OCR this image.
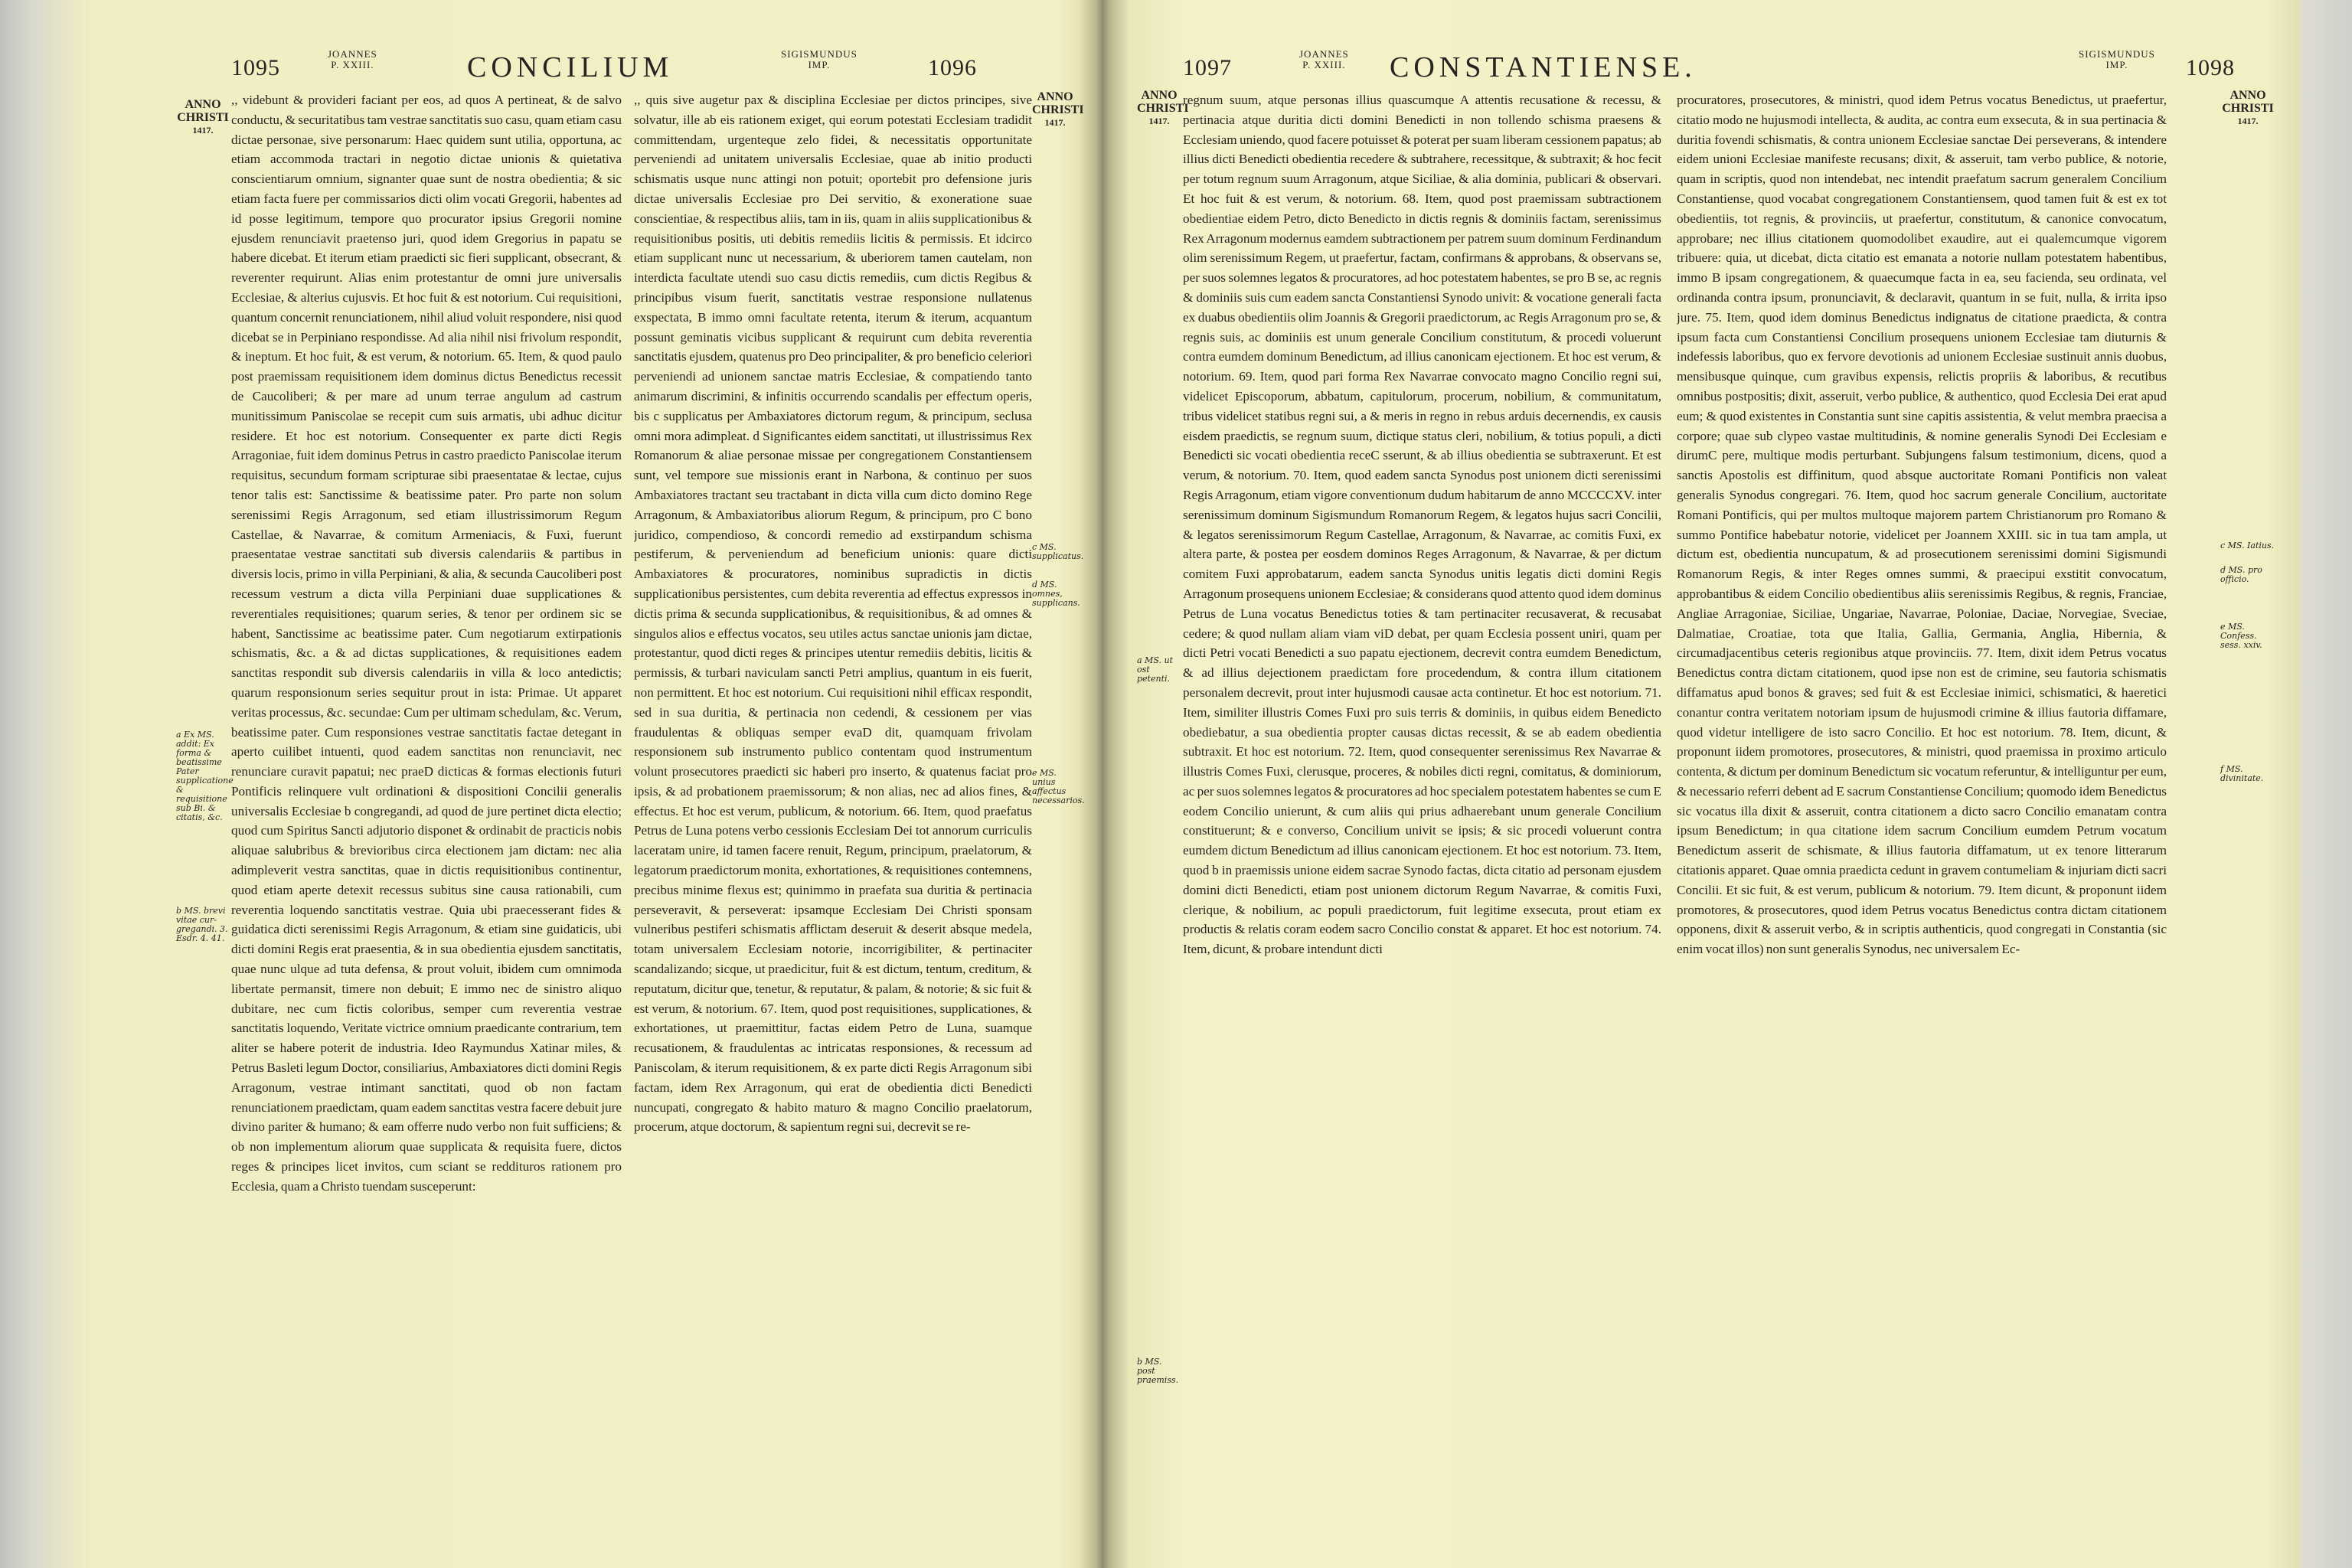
1095
JOANNES
P. XXIII.	CONCILIUM	SIGISMUNDUS
IMP.	1096
ANNO
CHRISTI
1417.
a Ex MS. addit: Ex forma & beatissime Pater supplicatione & requisitione sub Bi. & citatis, &c.
b MS. brevi vitae cur- gregandi. 3. Esdr. 4. 41.

,, videbunt & provideri faciant per eos, ad quos A pertineat, & de salvo conductu, & securitatibus tam vestrae sanctitatis suo casu, quam etiam casu dictae personae, sive personarum: Haec quidem sunt utilia, opportuna, ac etiam accommoda tractari in negotio dictae unionis & quietativa conscientiarum omnium, signanter quae sunt de nostra obedientia; & sic etiam facta fuere per commissarios dicti olim vocati Gregorii, habentes ad id posse legitimum, tempore quo procurator ipsius Gregorii nomine ejusdem renunciavit praetenso juri, quod idem Gregorius in papatu se habere dicebat. Et iterum etiam praedicti sic fieri supplicant, obsecrant, & reverenter requirunt. Alias enim protestantur de omni jure universalis Ecclesiae, & alterius cujusvis. Et hoc fuit & est notorium. Cui requisitioni, quantum concernit renunciationem, nihil aliud voluit respondere, nisi quod dicebat se in Perpiniano respondisse. Ad alia nihil nisi frivolum respondit, & ineptum. Et hoc fuit, & est verum, & notorium. 65. Item, & quod paulo post praemissam requisitionem idem dominus dictus Benedictus recessit de Caucoliberi; & per mare ad unum terrae angulum ad castrum munitissimum Paniscolae se recepit cum suis armatis, ubi adhuc dicitur residere. Et hoc est notorium. Consequenter ex parte dicti Regis Arragoniae, fuit idem dominus Petrus in castro praedicto Paniscolae iterum requisitus, secundum formam scripturae sibi praesentatae & lectae, cujus tenor talis est: Sanctissime & beatissime pater. Pro parte non solum serenissimi Regis Arragonum, sed etiam illustrissimorum Regum Castellae, & Navarrae, & comitum Armeniacis, & Fuxi, fuerunt praesentatae vestrae sanctitati sub diversis calendariis & partibus in diversis locis, primo in villa Perpiniani, & alia, & secunda Caucoliberi post recessum vestrum a dicta villa Perpiniani duae supplicationes & reverentiales requisitiones; quarum series, & tenor per ordinem sic se habent, Sanctissime ac beatissime pater. Cum negotiarum extirpationis schismatis, &c. a & ad dictas supplicationes, & requisitiones eadem sanctitas respondit sub diversis calendariis in villa & loco antedictis; quarum responsionum series sequitur prout in ista: Primae. Ut apparet veritas processus, &c. secundae: Cum per ultimam schedulam, &c. Verum, beatissime pater. Cum responsiones vestrae sanctitatis factae detegant in aperto cuilibet intuenti, quod eadem sanctitas non renunciavit, nec renunciare curavit papatui; nec praeD dicticas & formas electionis futuri Pontificis relinquere vult ordinationi & dispositioni Concilii generalis universalis Ecclesiae b congregandi, ad quod de jure pertinet dicta electio; quod cum Spiritus Sancti adjutorio disponet & ordinabit de practicis nobis aliquae salubribus & brevioribus circa electionem jam dictam: nec alia adimpleverit vestra sanctitas, quae in dictis requisitionibus continentur, quod etiam aperte detexit recessus subitus sine causa rationabili, cum reverentia loquendo sanctitatis vestrae. Quia ubi praecesserant fides & guidatica dicti serenissimi Regis Arragonum, & etiam sine guidaticis, ubi dicti domini Regis erat praesentia, & in sua obedientia ejusdem sanctitatis, quae nunc ulque ad tuta defensa, & prout voluit, ibidem cum omnimoda libertate permansit, timere non debuit; E immo nec de sinistro aliquo dubitare, nec cum fictis coloribus, semper cum reverentia vestrae sanctitatis loquendo, Veritate victrice omnium praedicante contrarium, tem aliter se habere poterit de industria. Ideo Raymundus Xatinar miles, & Petrus Basleti legum Doctor, consiliarius, Ambaxiatores dicti domini Regis Arragonum, vestrae intimant sanctitati, quod ob non factam renunciationem praedictam, quam eadem sanctitas vestra facere debuit jure divino pariter & humano; & eam offerre nudo verbo non fuit sufficiens; & ob non implementum aliorum quae supplicata & requisita fuere, dictos reges & principes licet invitos, cum sciant se reddituros rationem pro Ecclesia, quam a Christo tuendam susceperunt:

,, quis sive augetur pax & disciplina Ecclesiae per dictos principes, sive solvatur, ille ab eis rationem exiget, qui eorum potestati Ecclesiam tradidit committendam, urgenteque zelo fidei, & necessitatis opportunitate perveniendi ad unitatem universalis Ecclesiae, quae ab initio producti schismatis usque nunc attingi non potuit; oportebit pro defensione juris dictae universalis Ecclesiae pro Dei servitio, & exoneratione suae conscientiae, & respectibus aliis, tam in iis, quam in aliis supplicationibus & requisitionibus positis, uti debitis remediis licitis & permissis. Et idcirco etiam supplicant nunc ut necessarium, & uberiorem tamen cautelam, non interdicta facultate utendi suo casu dictis remediis, cum dictis Regibus & principibus visum fuerit, sanctitatis vestrae responsione nullatenus exspectata, B immo omni facultate retenta, iterum & iterum, acquantum possunt geminatis vicibus supplicant & requirunt cum debita reverentia sanctitatis ejusdem, quatenus pro Deo principaliter, & pro beneficio celeriori perveniendi ad unionem sanctae matris Ecclesiae, & compatiendo tanto animarum discrimini, & infinitis occurrendo scandalis per effectum operis, bis c supplicatus per Ambaxiatores dictorum regum, & principum, seclusa omni mora adimpleat. d Significantes eidem sanctitati, ut illustrissimus Rex Romanorum & aliae personae missae per congregationem Constantiensem sunt, vel tempore sue missionis erant in Narbona, & continuo per suos Ambaxiatores tractant seu tractabant in dicta villa cum dicto domino Rege Arragonum, & Ambaxiatoribus aliorum Regum, & principum, pro C bono juridico, compendioso, & concordi remedio ad exstirpandum schisma pestiferum, & perveniendum ad beneficium unionis: quare dicti Ambaxiatores & procuratores, nominibus supradictis in dictis supplicationibus persistentes, cum debita reverentia ad effectus expressos in dictis prima & secunda supplicationibus, & requisitionibus, & ad omnes & singulos alios e effectus vocatos, seu utiles actus sanctae unionis jam dictae, protestantur, quod dicti reges & principes utentur remediis debitis, licitis & permissis, & turbari naviculam sancti Petri amplius, quantum in eis fuerit, non permittent. Et hoc est notorium. Cui requisitioni nihil efficax respondit, sed in sua duritia, & pertinacia non cedendi, & cessionem per vias fraudulentas & obliquas semper evaD dit, quamquam frivolam responsionem sub instrumento publico contentam quod instrumentum volunt prosecutores praedicti sic haberi pro inserto, & quatenus faciat pro ipsis, & ad probationem praemissorum; & non alias, nec ad alios fines, & effectus. Et hoc est verum, publicum, & notorium. 66. Item, quod praefatus Petrus de Luna potens verbo cessionis Ecclesiam Dei tot annorum curriculis laceratam unire, id tamen facere renuit, Regum, principum, praelatorum, & legatorum praedictorum monita, exhortationes, & requisitiones contemnens, precibus minime flexus est; quinimmo in praefata sua duritia & pertinacia perseveravit, & perseverat: ipsamque Ecclesiam Dei Christi sponsam vulneribus pestiferi schismatis afflictam deseruit & deserit absque medela, totam universalem Ecclesiam notorie, incorrigibiliter, & pertinaciter scandalizando; sicque, ut praedicitur, fuit & est dictum, tentum, creditum, & reputatum, dicitur que, tenetur, & reputatur, & palam, & notorie; & sic fuit & est verum, & notorium. 67. Item, quod post requisitiones, supplicationes, & exhortationes, ut praemittitur, factas eidem Petro de Luna, suamque recusationem, & fraudulentas ac intricatas responsiones, & recessum ad Paniscolam, & iterum requisitionem, & ex parte dicti Regis Arragonum sibi factam, idem Rex Arragonum, qui erat de obedientia dicti Benedicti nuncupati, congregato & habito maturo & magno Concilio praelatorum, procerum, atque doctorum, & sapientum regni sui, decrevit se re-

ANNO
CHRISTI
1417.
c MS. supplicatus.
d MS. omnes, supplicans.
e MS. unius affectus necessarios.
1097
JOANNES
P. XXIII. CONSTANTIENSE.	SIGISMUNDUS
IMP.	1098
ANNO
CHRISTI
1417.
a MS. ut ost petenti.
b MS. post praemiss.

regnum suum, atque personas illius quascumque A attentis recusatione & recessu, & pertinacia atque duritia dicti domini Benedicti in non tollendo schisma praesens & Ecclesiam uniendo, quod facere potuisset & poterat per suam liberam cessionem papatus; ab illius dicti Benedicti obedientia recedere & subtrahere, recessitque, & subtraxit; & hoc fecit per totum regnum suum Arragonum, atque Siciliae, & alia dominia, publicari & observari. Et hoc fuit & est verum, & notorium. 68. Item, quod post praemissam subtractionem obedientiae eidem Petro, dicto Benedicto in dictis regnis & dominiis factam, serenissimus Rex Arragonum modernus eamdem subtractionem per patrem suum dominum Ferdinandum olim serenissimum Regem, ut praefertur, factam, confirmans & approbans, & observans se, per suos solemnes legatos & procuratores, ad hoc potestatem habentes, se pro B se, ac regnis & dominiis suis cum eadem sancta Constantiensi Synodo univit: & vocatione generali facta ex duabus obedientiis olim Joannis & Gregorii praedictorum, ac Regis Arragonum pro se, & regnis suis, ac dominiis est unum generale Concilium constitutum, & procedi voluerunt contra eumdem dominum Benedictum, ad illius canonicam ejectionem. Et hoc est verum, & notorium. 69. Item, quod pari forma Rex Navarrae convocato magno Concilio regni sui, videlicet Episcoporum, abbatum, capitulorum, procerum, nobilium, & communitatum, tribus videlicet statibus regni sui, a & meris in regno in rebus arduis decernendis, ex causis eisdem praedictis, se regnum suum, dictique status cleri, nobilium, & totius populi, a dicti Benedicti sic vocati obedientia receC sserunt, & ab illius obedientia se subtraxerunt. Et est verum, & notorium. 70. Item, quod eadem sancta Synodus post unionem dicti serenissimi Regis Arragonum, etiam vigore conventionum dudum habitarum de anno MCCCCXV. inter serenissimum dominum Sigismundum Romanorum Regem, & legatos hujus sacri Concilii, & legatos serenissimorum Regum Castellae, Arragonum, & Navarrae, ac comitis Fuxi, ex altera parte, & postea per eosdem dominos Reges Arragonum, & Navarrae, & per dictum comitem Fuxi approbatarum, eadem sancta Synodus unitis legatis dicti domini Regis Arragonum prosequens unionem Ecclesiae; & considerans quod attento quod idem dominus Petrus de Luna vocatus Benedictus toties & tam pertinaciter recusaverat, & recusabat cedere; & quod nullam aliam viam viD debat, per quam Ecclesia possent uniri, quam per dicti Petri vocati Benedicti a suo papatu ejectionem, decrevit contra eumdem Benedictum, & ad illius dejectionem praedictam fore procedendum, & contra illum citationem personalem decrevit, prout inter hujusmodi causae acta continetur. Et hoc est notorium. 71. Item, similiter illustris Comes Fuxi pro suis terris & dominiis, in quibus eidem Benedicto obediebatur, a sua obedientia propter causas dictas recessit, & se ab eadem obedientia subtraxit. Et hoc est notorium. 72. Item, quod consequenter serenissimus Rex Navarrae & illustris Comes Fuxi, clerusque, proceres, & nobiles dicti regni, comitatus, & dominiorum, ac per suos solemnes legatos & procuratores ad hoc specialem potestatem habentes se cum E eodem Concilio unierunt, & cum aliis qui prius adhaerebant unum generale Concilium constituerunt; & e converso, Concilium univit se ipsis; & sic procedi voluerunt contra eumdem dictum Benedictum ad illius canonicam ejectionem. Et hoc est notorium. 73. Item, quod b in praemissis unione eidem sacrae Synodo factas, dicta citatio ad personam ejusdem domini dicti Benedicti, etiam post unionem dictorum Regum Navarrae, & comitis Fuxi, clerique, & nobilium, ac populi praedictorum, fuit legitime exsecuta, prout etiam ex productis & relatis coram eodem sacro Concilio constat & apparet. Et hoc est notorium. 74. Item, dicunt, & probare intendunt dicti

procuratores, prosecutores, & ministri, quod idem Petrus vocatus Benedictus, ut praefertur, citatio modo ne hujusmodi intellecta, & audita, ac contra eum exsecuta, & in sua pertinacia & duritia fovendi schismatis, & contra unionem Ecclesiae sanctae Dei perseverans, & intendere eidem unioni Ecclesiae manifeste recusans; dixit, & asseruit, tam verbo publice, & notorie, quam in scriptis, quod non intendebat, nec intendit praefatum sacrum generalem Concilium Constantiense, quod vocabat congregationem Constantiensem, quod tamen fuit & est ex tot obedientiis, tot regnis, & provinciis, ut praefertur, constitutum, & canonice convocatum, approbare; nec illius citationem quomodolibet exaudire, aut ei qualemcumque vigorem tribuere: quia, ut dicebat, dicta citatio est emanata a notorie nullam potestatem habentibus, immo B ipsam congregationem, & quaecumque facta in ea, seu facienda, seu ordinata, vel ordinanda contra ipsum, pronunciavit, & declaravit, quantum in se fuit, nulla, & irrita ipso jure. 75. Item, quod idem dominus Benedictus indignatus de citatione praedicta, & contra ipsum facta cum Constantiensi Concilium prosequens unionem Ecclesiae tam diuturnis & indefessis laboribus, quo ex fervore devotionis ad unionem Ecclesiae sustinuit annis duobus, mensibusque quinque, cum gravibus expensis, relictis propriis & laboribus, & recutibus omnibus postpositis; dixit, asseruit, verbo publice, & authentico, quod Ecclesia Dei erat apud eum; & quod existentes in Constantia sunt sine capitis assistentia, & velut membra praecisa a corpore; quae sub clypeo vastae multitudinis, & nomine generalis Synodi Dei Ecclesiam e dirumC pere, multique modis perturbant. Subjungens falsum testimonium, dicens, quod a sanctis Apostolis est diffinitum, quod absque auctoritate Romani Pontificis non valeat generalis Synodus congregari. 76. Item, quod hoc sacrum generale Concilium, auctoritate Romani Pontificis, qui per multos multoque majorem partem Christianorum pro Romano & summo Pontifice habebatur notorie, videlicet per Joannem XXIII. sic in tua tam ampla, ut dictum est, obedientia nuncupatum, & ad prosecutionem serenissimi domini Sigismundi Romanorum Regis, & inter Reges omnes summi, & praecipui exstitit convocatum, approbantibus & eidem Concilio obedientibus aliis serenissimis Regibus, & regnis, Franciae, Angliae Arragoniae, Siciliae, Ungariae, Navarrae, Poloniae, Daciae, Norvegiae, Sveciae, Dalmatiae, Croatiae, tota que Italia, Gallia, Germania, Anglia, Hibernia, & circumadjacentibus ceteris regionibus atque provinciis. 77. Item, dixit idem Petrus vocatus Benedictus contra dictam citationem, quod ipse non est de crimine, seu fautoria schismatis diffamatus apud bonos & graves; sed fuit & est Ecclesiae inimici, schismatici, & haeretici conantur contra veritatem notoriam ipsum de hujusmodi crimine & illius fautoria diffamare, quod videtur intelligere de isto sacro Concilio. Et hoc est notorium. 78. Item, dicunt, & proponunt iidem promotores, prosecutores, & ministri, quod praemissa in proximo articulo contenta, & dictum per dominum Benedictum sic vocatum referuntur, & intelliguntur per eum, & necessario referri debent ad E sacrum Constantiense Concilium; quomodo idem Benedictus sic vocatus illa dixit & asseruit, contra citationem a dicto sacro Concilio emanatam contra ipsum Benedictum; in qua citatione idem sacrum Concilium eumdem Petrum vocatum Benedictum asserit de schismate, & illius fautoria diffamatum, ut ex tenore litterarum citationis apparet. Quae omnia praedicta cedunt in gravem contumeliam & injuriam dicti sacri Concilii. Et sic fuit, & est verum, publicum & notorium. 79. Item dicunt, & proponunt iidem promotores, & prosecutores, quod idem Petrus vocatus Benedictus contra dictam citationem opponens, dixit & asseruit verbo, & in scriptis authenticis, quod congregati in Constantia (sic enim vocat illos) non sunt generalis Synodus, nec universalem Ec-

ANNO
CHRISTI
1417.
c MS. Iatius.
d MS. pro officio.
e MS. Confess. sess. xxiv.
f MS. divinitate.
